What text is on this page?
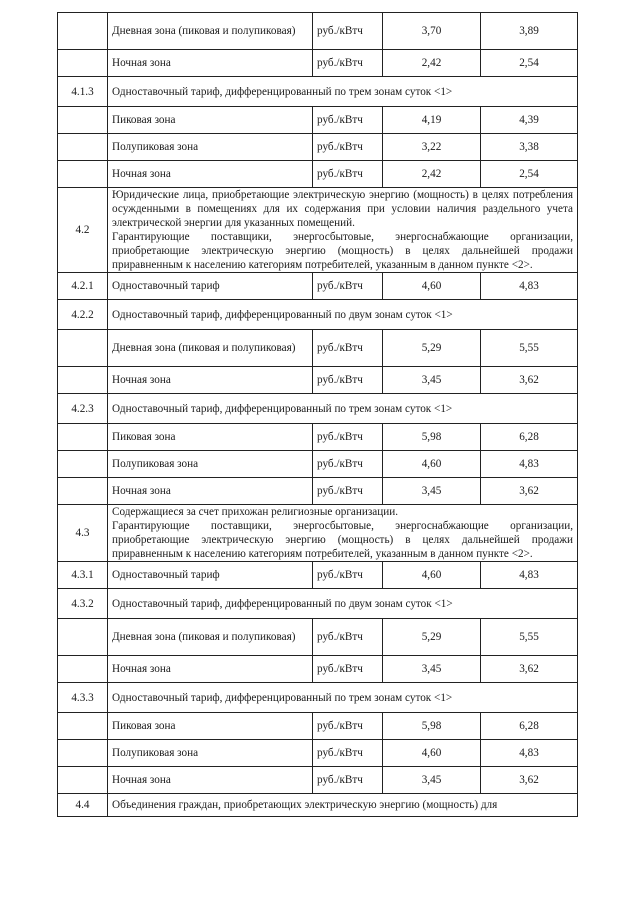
	Дневная зона (пиковая и полупиковая)	руб./кВтч	3,70	3,89
	Ночная зона	руб./кВтч	2,42	2,54
4.1.3	Одноставочный тариф, дифференцированный по трем зонам суток <1>			
	Пиковая зона	руб./кВтч	4,19	4,39
	Полупиковая зона	руб./кВтч	3,22	3,38
	Ночная зона	руб./кВтч	2,42	2,54
4.2	Юридические лица, приобретающие электрическую энергию (мощность) в целях потребления осужденными в помещениях для их содержания при условии наличия раздельного учета электрической энергии для указанных помещений.
Гарантирующие поставщики, энергосбытовые, энергоснабжающие организации, приобретающие электрическую энергию (мощность) в целях дальнейшей продажи приравненным к населению категориям потребителей, указанным в данном пункте <2>.			

4.2.1	Одноставочный тариф	руб./кВтч	4,60	4,83
4.2.2	Одноставочный тариф, дифференцированный по двум зонам суток <1>			
	Дневная зона (пиковая и полупиковая)	руб./кВтч	5,29	5,55
	Ночная зона	руб./кВтч	3,45	3,62
4.2.3	Одноставочный тариф, дифференцированный по трем зонам суток <1>			
	Пиковая зона	руб./кВтч	5,98	6,28
	Полупиковая зона	руб./кВтч	4,60	4,83
	Ночная зона	руб./кВтч	3,45	3,62
4.3	Содержащиеся за счет прихожан религиозные организации.
Гарантирующие поставщики, энергосбытовые, энергоснабжающие организации, приобретающие электрическую энергию (мощность) в целях дальнейшей продажи приравненным к населению категориям потребителей, указанным в данном пункте <2>.			

4.3.1	Одноставочный тариф	руб./кВтч	4,60	4,83
4.3.2	Одноставочный тариф, дифференцированный по двум зонам суток <1>			
	Дневная зона (пиковая и полупиковая)	руб./кВтч	5,29	5,55
	Ночная зона	руб./кВтч	3,45	3,62
4.3.3	Одноставочный тариф, дифференцированный по трем зонам суток <1>			
	Пиковая зона	руб./кВтч	5,98	6,28
	Полупиковая зона	руб./кВтч	4,60	4,83
	Ночная зона	руб./кВтч	3,45	3,62
4.4	Объединения граждан, приобретающих электрическую энергию (мощность) для			
